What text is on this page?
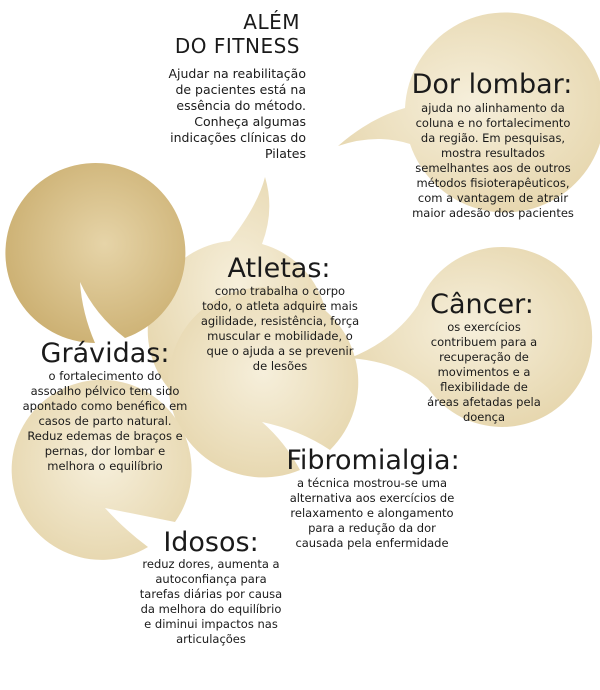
ALÉM
DO FITNESS

Ajudar na reabilitação de pacientes está na essência do método. Conheça algumas indicações clínicas do Pilates

Dor lombar:

ajuda no alinhamento da coluna e no fortalecimento da região. Em pesquisas, mostra resultados semelhantes aos de outros métodos fisioterapêuticos, com a vantagem de atrair maior adesão dos pacientes

Atletas:

como trabalha o corpo todo, o atleta adquire mais agilidade, resistência, força muscular e mobilidade, o que o ajuda a se prevenir de lesões

Câncer:

os exercícios contribuem para a recuperação de movimentos e a flexibilidade de áreas afetadas pela doença

Grávidas:

o fortalecimento do assoalho pélvico tem sido apontado como benéfico em casos de parto natural. Reduz edemas de braços e pernas, dor lombar e melhora o equilíbrio	Fibromialgia:

a técnica mostrou-se uma alternativa aos exercícios de relaxamento e alongamento para a redução da dor causada pela enfermidade

Idosos:

reduz dores, aumenta a autoconfiança para tarefas diárias por causa da melhora do equilíbrio e diminui impactos nas articulações
